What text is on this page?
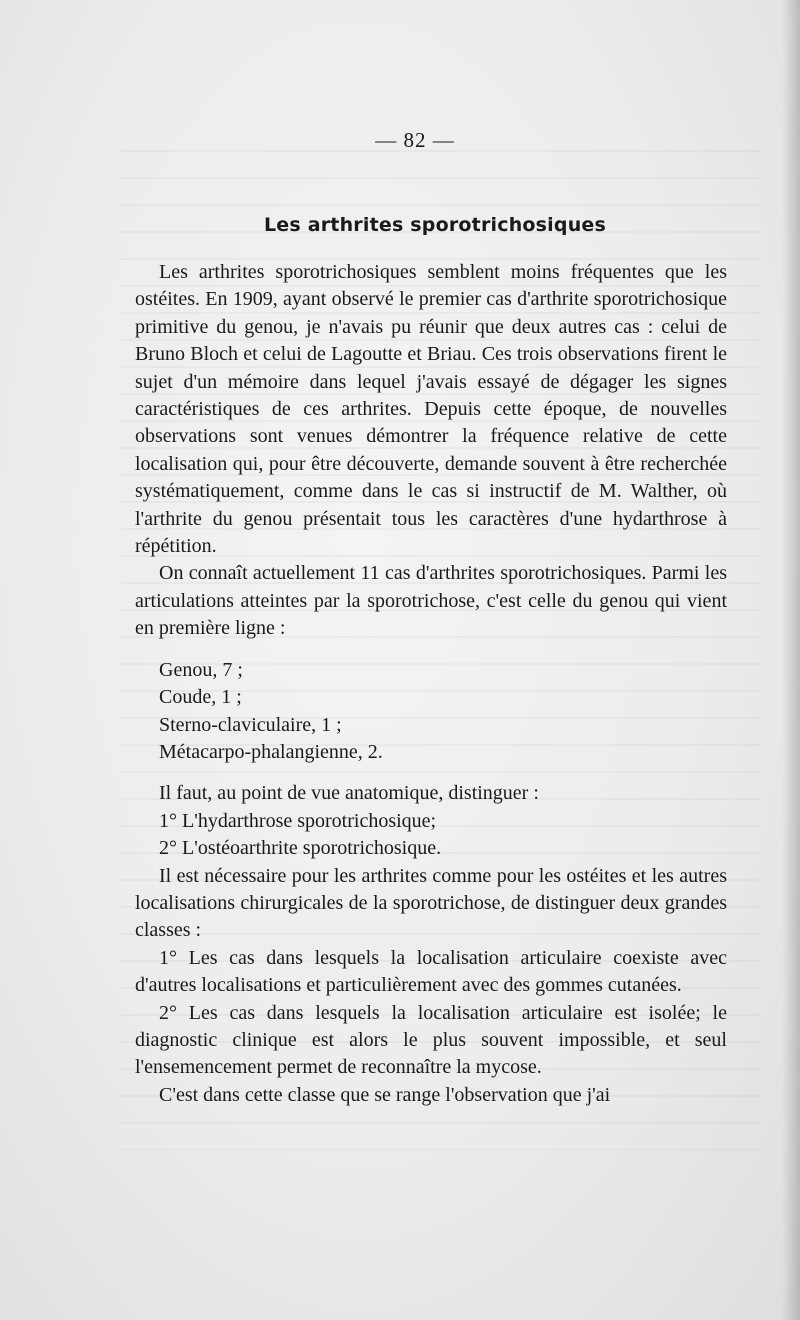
— 82 —
Les arthrites sporotrichosiques

Les arthrites sporotrichosiques semblent moins fréquentes que les ostéites. En 1909, ayant observé le premier cas d'arthrite sporotrichosique primitive du genou, je n'avais pu réunir que deux autres cas : celui de Bruno Bloch et celui de Lagoutte et Briau. Ces trois observations firent le sujet d'un mémoire dans lequel j'avais essayé de dégager les signes caractéristiques de ces arthrites. Depuis cette époque, de nouvelles observations sont venues démontrer la fréquence relative de cette localisation qui, pour être découverte, demande souvent à être recherchée systématiquement, comme dans le cas si instructif de M. Walther, où l'arthrite du genou présentait tous les caractères d'une hydarthrose à répétition.

On connaît actuellement 11 cas d'arthrites sporotrichosiques. Parmi les articulations atteintes par la sporotrichose, c'est celle du genou qui vient en première ligne :

Genou, 7 ;
Coude, 1 ;
Sterno-claviculaire, 1 ;
Métacarpo-phalangienne, 2.

Il faut, au point de vue anatomique, distinguer :

1° L'hydarthrose sporotrichosique;
2° L'ostéoarthrite sporotrichosique.

Il est nécessaire pour les arthrites comme pour les ostéites et les autres localisations chirurgicales de la sporotrichose, de distinguer deux grandes classes :

1° Les cas dans lesquels la localisation articulaire coexiste avec d'autres localisations et particulièrement avec des gommes cutanées.

2° Les cas dans lesquels la localisation articulaire est isolée; le diagnostic clinique est alors le plus souvent impossible, et seul l'ensemencement permet de reconnaître la mycose.

C'est dans cette classe que se range l'observation que j'ai
